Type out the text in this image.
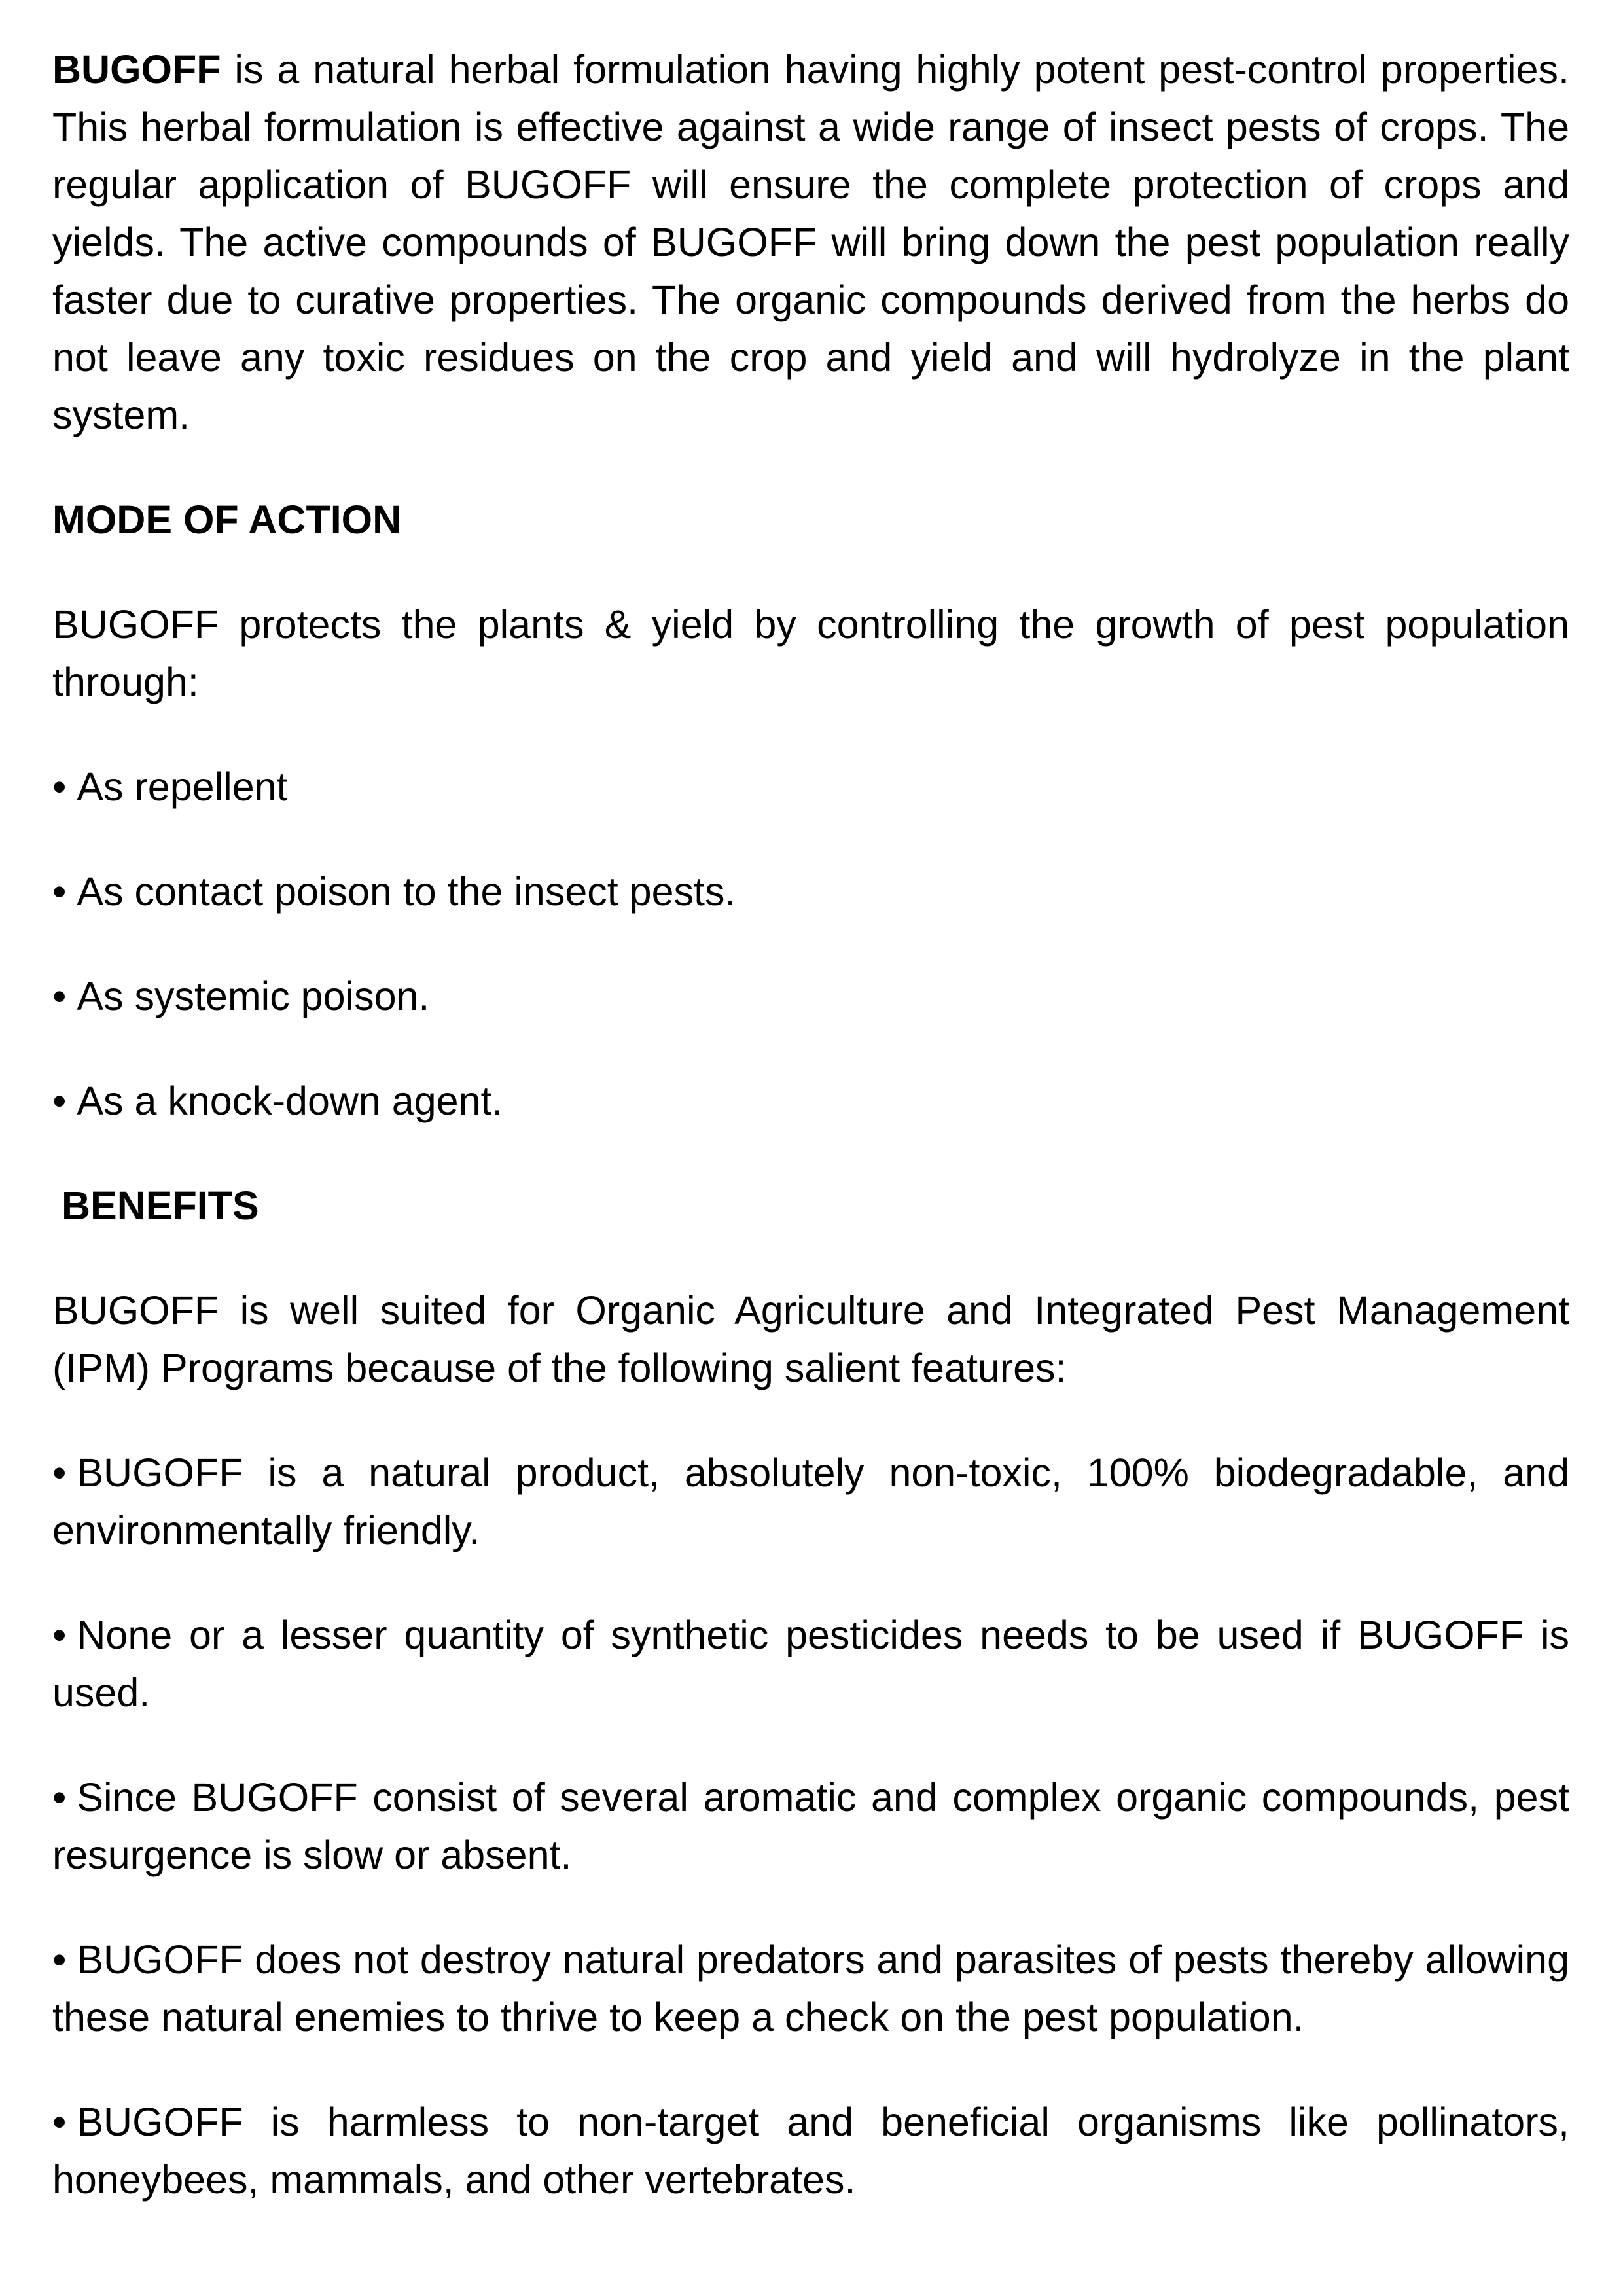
BUGOFF is a natural herbal formulation having highly potent pest-control properties. This herbal formulation is effective against a wide range of insect pests of crops. The regular application of BUGOFF will ensure the complete protection of crops and yields. The active compounds of BUGOFF will bring down the pest population really faster due to curative properties. The organic compounds derived from the herbs do not leave any toxic residues on the crop and yield and will hydrolyze in the plant system.

MODE OF ACTION

BUGOFF protects the plants & yield by controlling the growth of pest population through:

• As repellent

• As contact poison to the insect pests.

• As systemic poison.

• As a knock-down agent.

BENEFITS

BUGOFF is well suited for Organic Agriculture and Integrated Pest Management (IPM) Programs because of the following salient features:

• BUGOFF is a natural product, absolutely non-toxic, 100% biodegradable, and environmentally friendly.

• None or a lesser quantity of synthetic pesticides needs to be used if BUGOFF is used.

• Since BUGOFF consist of several aromatic and complex organic compounds, pest resurgence is slow or absent.

• BUGOFF does not destroy natural predators and parasites of pests thereby allowing these natural enemies to thrive to keep a check on the pest population.

• BUGOFF is harmless to non-target and beneficial organisms like pollinators, honeybees, mammals, and other vertebrates.
